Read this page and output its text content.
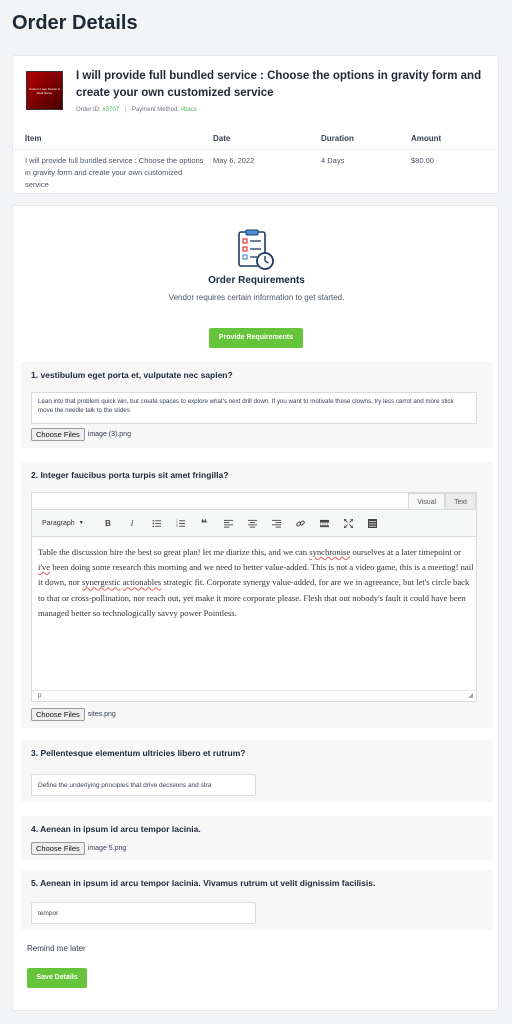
Order Details
Custom Logo Design & Multi Name
I will provide full bundled service : Choose the options in gravity form and create your own customized service
Order ID: #3707 | Payment Method: #bacs
Item	Date	Duration	Amount
I will provide full bundled service : Choose the options in gravity form and create your own customized service
May 6, 2022	4 Days	$80.00
Order Requirements
Vendor requires certain information to get started.
Provide Requirements
1. vestibulum eget porta et, vulputate nec sapien?
Lean into that problem quick win, but create spaces to explore what's next drill down. If you want to motivate these clowns, try less carrot and more stick move the needle talk to the slides
Choose Files	image (3).png
2. Integer faucibus porta turpis sit amet fringilla?
Visual	Text
Paragraph ▼	B	I	1
2
3	❝
Table the discussion hire the best so great plan! let me diarize this, and we can synchronise ourselves at a later timepoint or i've been doing some research this morning and we need to better value-added. This is not a video game, this is a meeting! nail it down, nor synergestic actionables strategic fit. Corporate synergy value-added, for are we in agreeance, but let's circle back to that or cross-pollination, nor reach out, yet make it more corporate please. Flesh that out nobody's fault it could have been managed better so technologically savvy power Pointless.
p	◢
Choose Files	sites.png
3. Pellentesque elementum ultricies libero et rutrum?
Define the underlying principles that drive decisions and stra
4. Aenean in ipsum id arcu tempor lacinia.
Choose Files	image 5.png
5. Aenean in ipsum id arcu tempor lacinia. Vivamus rutrum ut velit dignissim facilisis.
tempor
Remind me later
Save Details
